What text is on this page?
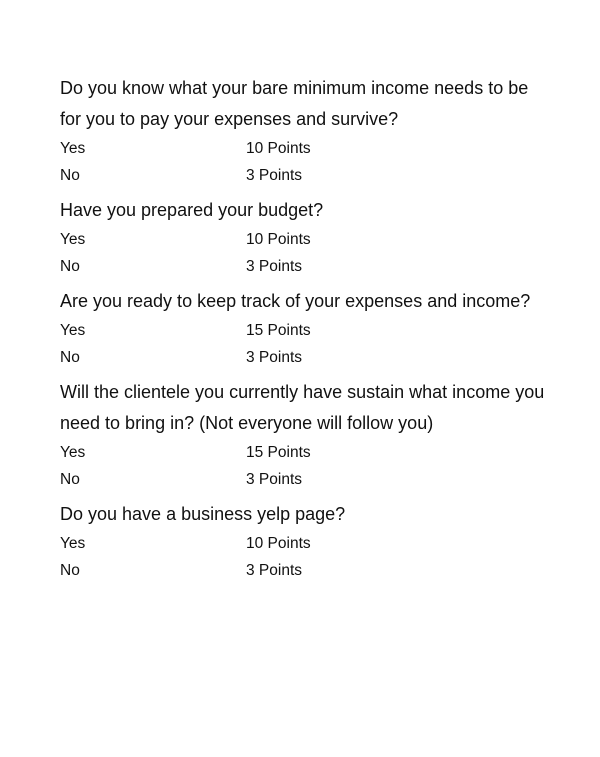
Do you know what your bare minimum income needs to be for you to pay your expenses and survive?

Yes	10 Points
No	3 Points

Have you prepared your budget?

Yes	10 Points
No	3 Points

Are you ready to keep track of your expenses and income?

Yes	15 Points
No	3 Points

Will the clientele you currently have sustain what income you need to bring in? (Not everyone will follow you)

Yes	15 Points
No	3 Points

Do you have a business yelp page?

Yes	10 Points
No	3 Points
